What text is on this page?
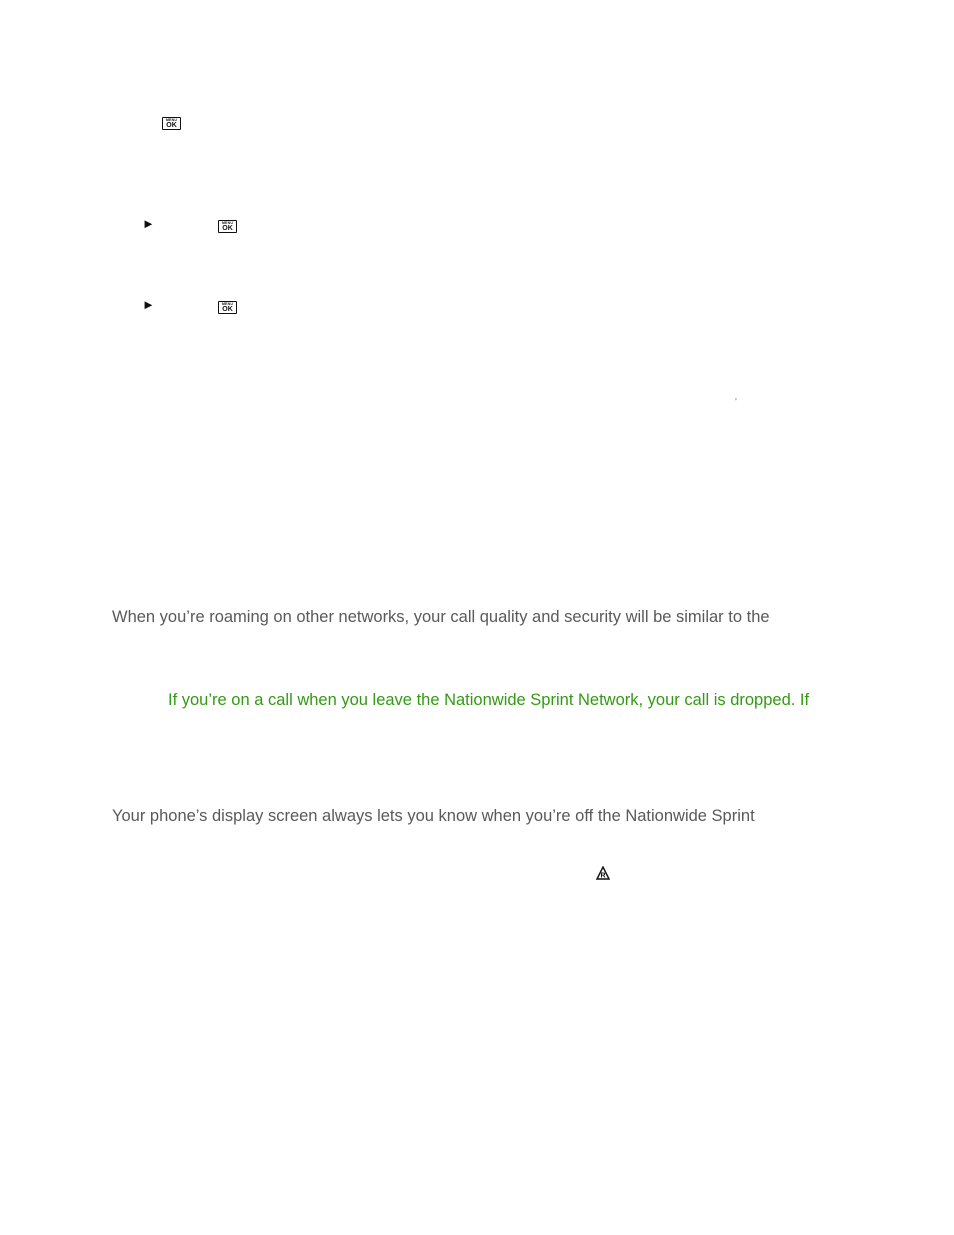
MENU
OK
►	MENU
OK
►	MENU
OK
'
When you’re roaming on other networks, your call quality and security will be similar to the
If you’re on a call when you leave the Nationwide Sprint Network, your call is dropped. If
Your phone’s display screen always lets you know when you’re off the Nationwide Sprint
R
